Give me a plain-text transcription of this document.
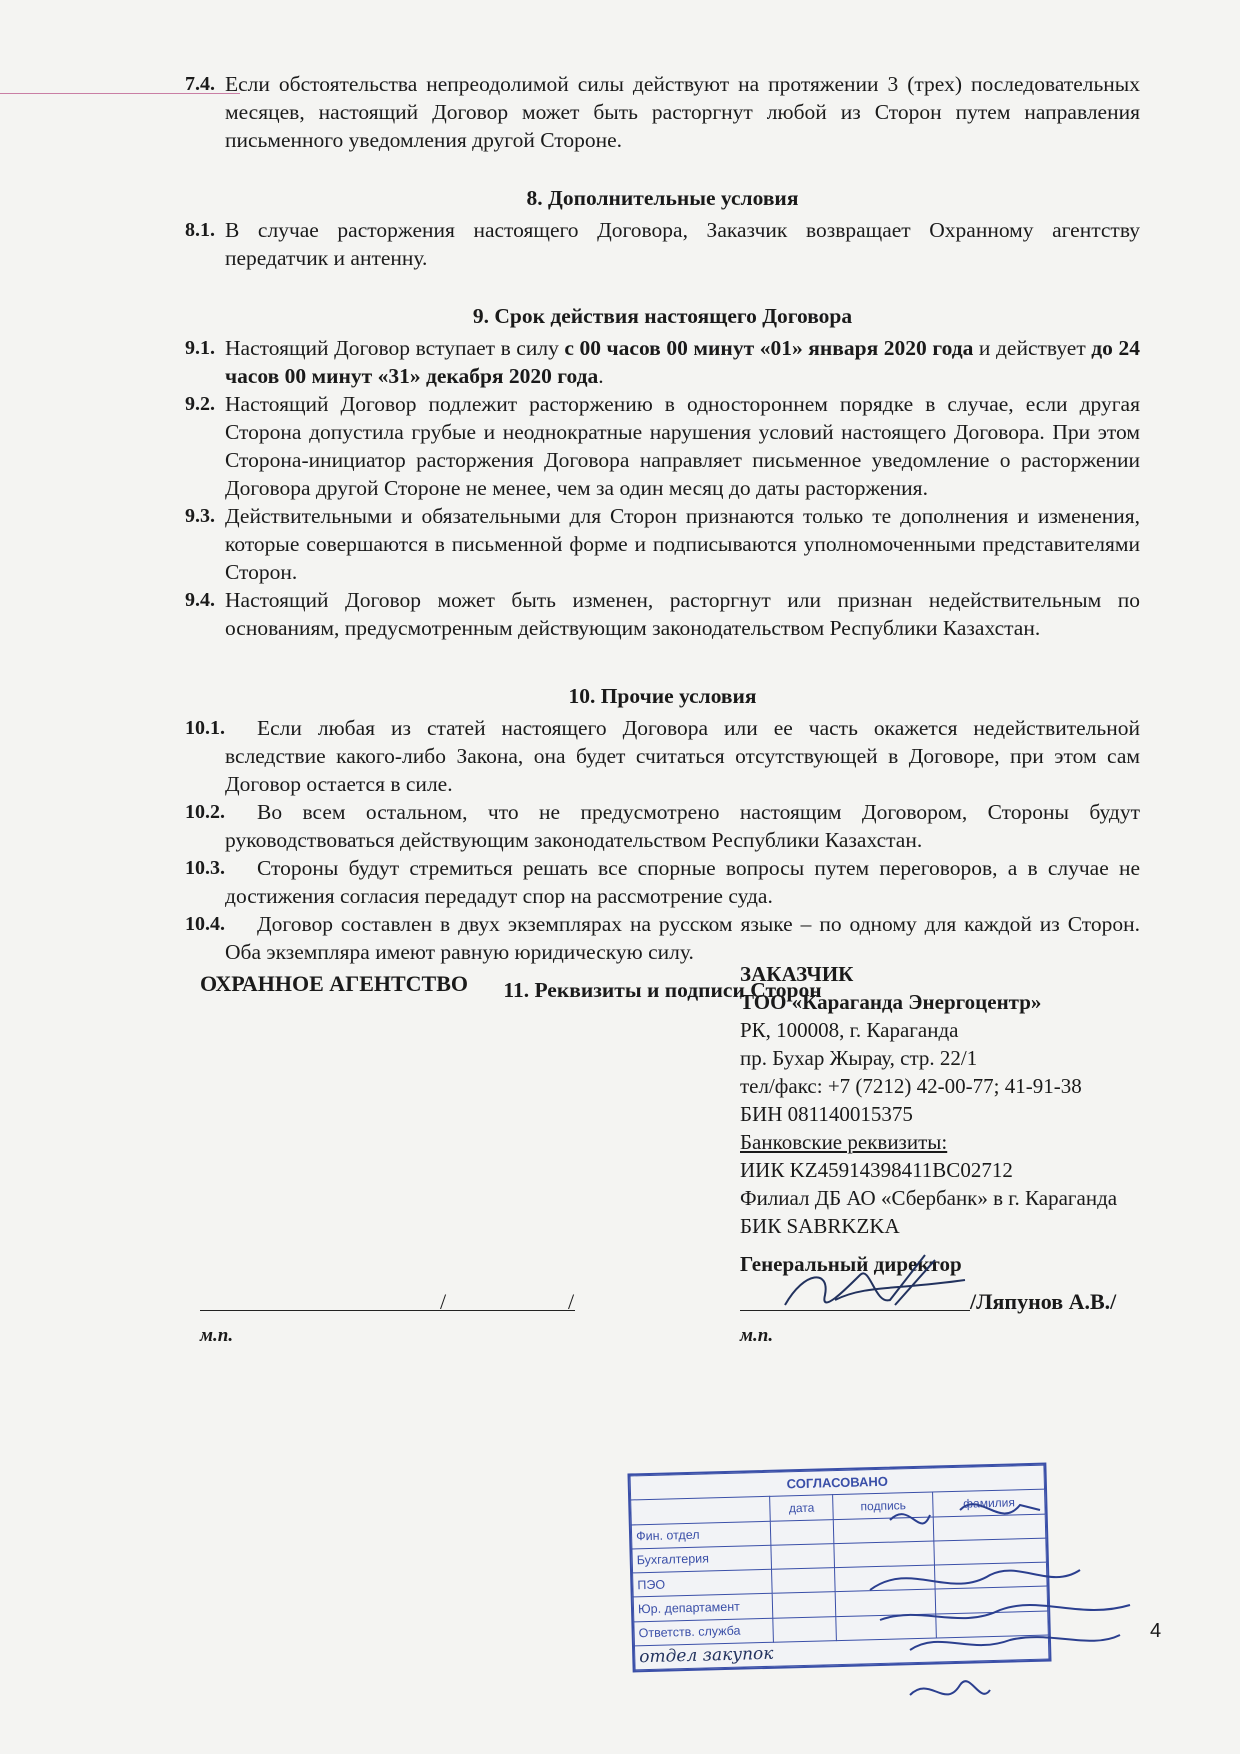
7.4. Если обстоятельства непреодолимой силы действуют на протяжении 3 (трех) последовательных месяцев, настоящий Договор может быть расторгнут любой из Сторон путем направления письменного уведомления другой Стороне.
8. Дополнительные условия
8.1. В случае расторжения настоящего Договора, Заказчик возвращает Охранному агентству передатчик и антенну.
9. Срок действия настоящего Договора
9.1. Настоящий Договор вступает в силу с 00 часов 00 минут «01» января 2020 года и действует до 24 часов 00 минут «31» декабря 2020 года.
9.2. Настоящий Договор подлежит расторжению в одностороннем порядке в случае, если другая Сторона допустила грубые и неоднократные нарушения условий настоящего Договора. При этом Сторона-инициатор расторжения Договора направляет письменное уведомление о расторжении Договора другой Стороне не менее, чем за один месяц до даты расторжения.
9.3. Действительными и обязательными для Сторон признаются только те дополнения и изменения, которые совершаются в письменной форме и подписываются уполномоченными представителями Сторон.
9.4. Настоящий Договор может быть изменен, расторгнут или признан недействительным по основаниям, предусмотренным действующим законодательством Республики Казахстан.
10. Прочие условия
10.1.	Если любая из статей настоящего Договора или ее часть окажется недействительной вследствие какого-либо Закона, она будет считаться отсутствующей в Договоре, при этом сам Договор остается в силе.
10.2.	Во всем остальном, что не предусмотрено настоящим Договором, Стороны будут руководствоваться действующим законодательством Республики Казахстан.
10.3.	Стороны будут стремиться решать все спорные вопросы путем переговоров, а в случае не достижения согласия передадут спор на рассмотрение суда.
10.4.	Договор составлен в двух экземплярах на русском языке – по одному для каждой из Сторон. Оба экземпляра имеют равную юридическую силу.
11. Реквизиты и подписи Сторон
ОХРАННОЕ АГЕНТСТВО	ЗАКАЗЧИК
ТОО «Караганда Энергоцентр»
РК, 100008, г. Караганда
пр. Бухар Жырау, стр. 22/1
тел/факс: +7 (7212) 42-00-77; 41-91-38
БИН 081140015375
Банковские реквизиты:
ИИК KZ45914398411BC02712
Филиал ДБ АО «Сбербанк» в г. Караганда
БИК SABRKZKA
Генеральный директор
/	/
м.п.
/Ляпунов А.В./
м.п.
СОГЛАСОВАНО			
	дата	подпись	фамилия
Фин. отдел			
Бухгалтерия			
ПЭО			
Юр. департамент			
Ответств. служба			
отдел закупок			
4
